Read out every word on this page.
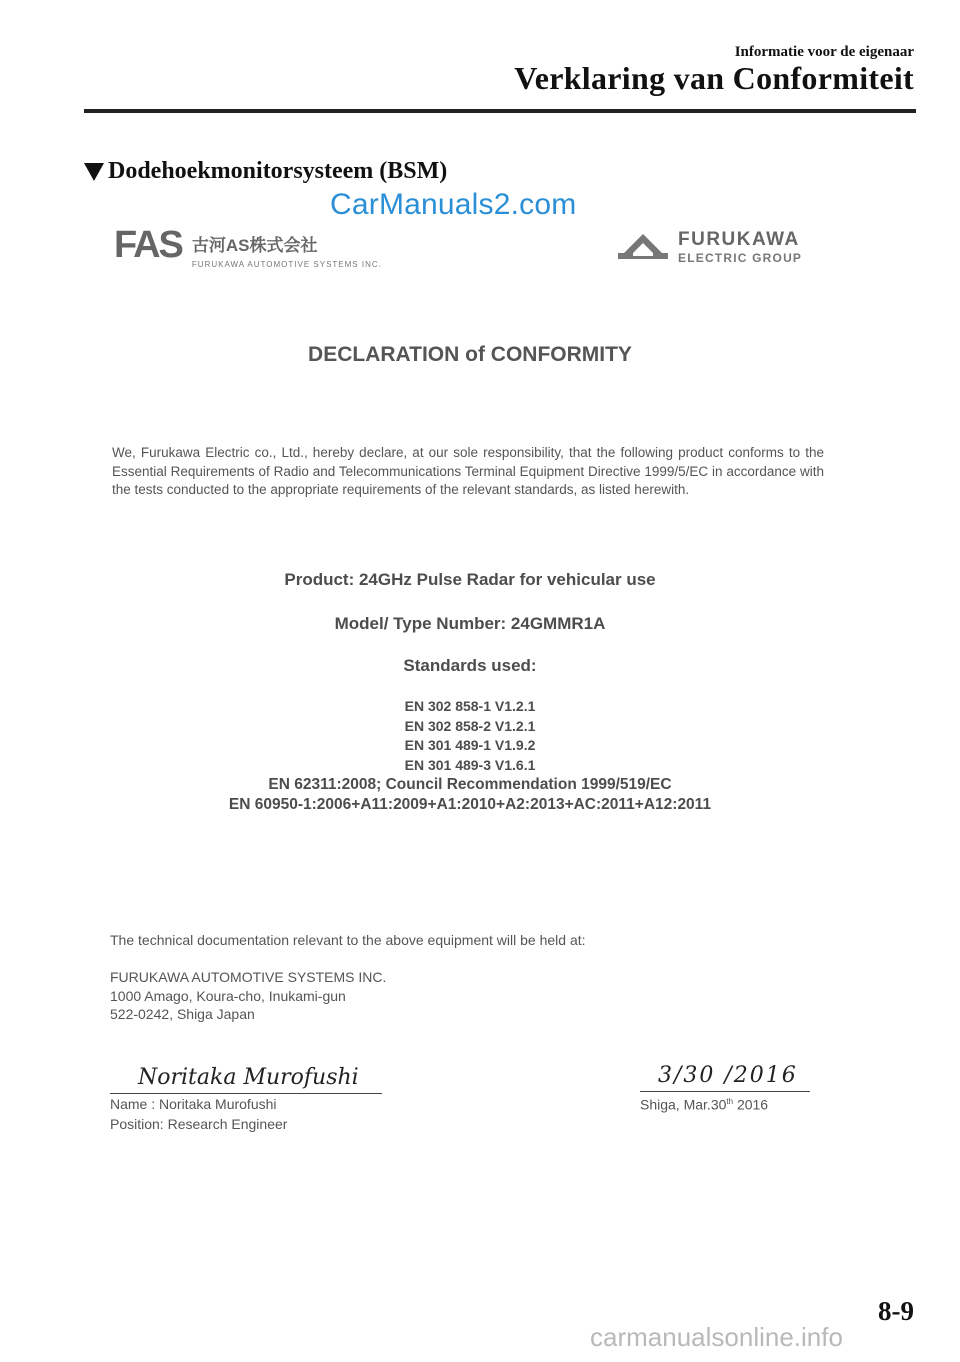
Informatie voor de eigenaar
Verklaring van Conformiteit
Dodehoekmonitorsysteem (BSM)
CarManuals2.com
FAS 古河AS株式会社
FURUKAWA AUTOMOTIVE SYSTEMS INC.
FURUKAWA
ELECTRIC GROUP
DECLARATION of CONFORMITY
We, Furukawa Electric co., Ltd., hereby declare, at our sole responsibility, that the following product conforms to the Essential Requirements of Radio and Telecommunications Terminal Equipment Directive 1999/5/EC in accordance with the tests conducted to the appropriate requirements of the relevant standards, as listed herewith.
Product: 24GHz Pulse Radar for vehicular use
Model/ Type Number: 24GMMR1A
Standards used:
EN 302 858-1 V1.2.1
EN 302 858-2 V1.2.1
EN 301 489-1 V1.9.2
EN 301 489-3 V1.6.1
EN 62311:2008; Council Recommendation 1999/519/EC
EN 60950-1:2006+A11:2009+A1:2010+A2:2013+AC:2011+A12:2011
The technical documentation relevant to the above equipment will be held at:
FURUKAWA AUTOMOTIVE SYSTEMS INC.
1000 Amago, Koura-cho, Inukami-gun
522-0242, Shiga Japan
Noritaka Murofushi
Name : Noritaka Murofushi
Position: Research Engineer
3/30 /2016
Shiga, Mar.30th 2016
8-9
carmanualsonline.info
